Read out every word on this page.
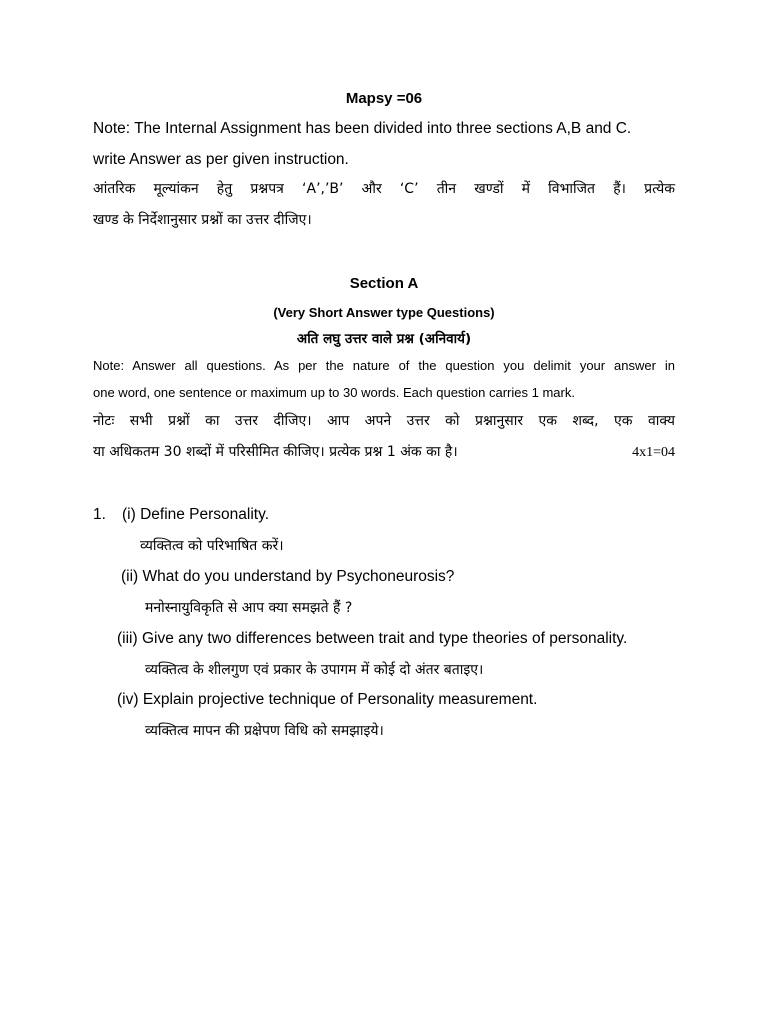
Mapsy =06
Note: The Internal Assignment has been divided into three sections A,B and C.
write Answer as per given instruction.
आंतरिक मूल्यांकन हेतु प्रश्नपत्र ‘A’,’B’ और ‘C’ तीन खण्डों में विभाजित हैं। प्रत्येक
खण्ड के निर्देशानुसार प्रश्नों का उत्तर दीजिए।
Section A
(Very Short Answer type Questions)
अति लघु उत्तर वाले प्रश्न (अनिवार्य)
Note: Answer all questions. As per the nature of the question you delimit your answer in
one word, one sentence or maximum up to 30 words. Each question carries 1 mark.
नोटः सभी प्रश्नों का उत्तर दीजिए। आप अपने उत्तर को प्रश्नानुसार एक शब्द, एक वाक्य
या अधिकतम 30 शब्दों में परिसीमित कीजिए। प्रत्येक प्रश्न 1 अंक का है।	4x1=04
1. (i) Define Personality.
व्यक्तित्व को परिभाषित करें।
(ii) What do you understand by Psychoneurosis?
मनोस्नायुविकृति से आप क्या समझते हैं ?
(iii) Give any two differences between trait and type theories of personality.
व्यक्तित्व के शीलगुण एवं प्रकार के उपागम में कोई दो अंतर बताइए।
(iv) Explain projective technique of Personality measurement.
व्यक्तित्व मापन की प्रक्षेपण विधि को समझाइये।
